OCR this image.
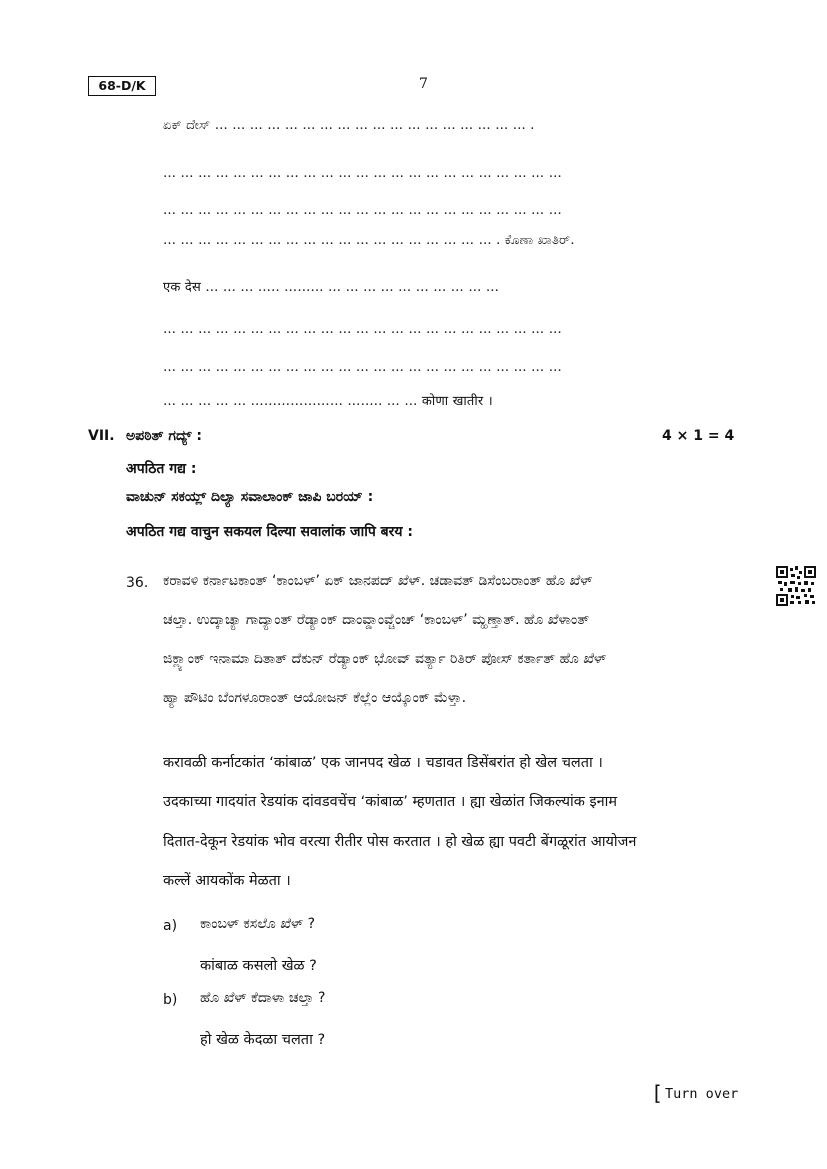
68-D/K	7
ಏಕ್ ದೇಸ್ … … … … … … … … … … … … … … … … … … .
… … … … … … … … … … … … … … … … … … … … … … …
… … … … … … … … … … … … … … … … … … … … … … …
… … … … … … … … … … … … … … … … … … … . ಕೊಣಾ ಖಾತಿರ್.
एक देस … … … ….. ……… … … … … … … … … … …
… … … … … … … … … … … … … … … … … … … … … … …
… … … … … … … … … … … … … … … … … … … … … … …
… … … … … ………………… …….. … … कोणा खातीर ।
VII. ಅಪಠಿತ್ ಗದ್ಯ್ :	4 × 1 = 4
अपठित गद्य :
ವಾಚುನ್ ಸಕಯ್ಲ್ ದಿಲ್ಯಾ ಸವಾಲಾಂಕ್ ಜಾಪಿ ಬರಯ್ :
अपठित गद्य वाचुन सकयल दिल्या सवालांक जापि बरय :
36. ಕರಾವಳಿ ಕರ್ನಾಟಕಾಂತ್ ‘ಕಾಂಬಳ್’ ಏಕ್ ಜಾನಪದ್ ಖೆಳ್. ಚಡಾವತ್ ಡಿಸೆಂಬರಾಂತ್ ಹೊ ಖೆಳ್
ಚಲ್ತಾ. ಉದ್ಕಾಚ್ಯಾ ಗಾದ್ಯಾಂತ್ ರೆಡ್ಯಾಂಕ್ ದಾಂವ್ಡಾಂವ್ಚೆಂಚ್ ‘ಕಾಂಬಳ್’ ಮ್ಹಣ್ತಾತ್. ಹೊ ಖೆಳಾಂತ್
ಜಿಕ್ಲ್ಯಾಂಕ್ ಇನಾಮಾ ದಿತಾತ್ ದೆಕುನ್ ರೆಡ್ಯಾಂಕ್ ಭೋವ್ ವರ್ತ್ಯಾ ರಿತಿರ್ ಪೋಸ್ ಕರ್ತಾತ್ ಹೊ ಖೆಳ್
ಹ್ಯಾ ಪೌಟಿಂ ಬೆಂಗಳೂರಾಂತ್ ಆಯೋಜನ್ ಕೆಲ್ಲೆಂ ಆಯ್ಕೊಂಕ್ ಮೆಳ್ತಾ.
करावळी कर्नाटकांत ‘कांबाळ’ एक जानपद खेळ । चडावत डिसेंबरांत हो खेल चलता ।
उदकाच्या गादयांत रेडयांक दांवडवचेंच ‘कांबाळ’ म्हणतात । ह्या खेळांत जिकल्यांक इनाम
दितात-देकून रेडयांक भोव वरत्या रीतीर पोस करतात । हो खेळ ह्या पवटी बेंगळूरांत आयोजन
कल्लें आयकोंक मेळता ।
a) ಕಾಂಬಳ್ ಕಸಲೊ ಖೆಳ್ ?
कांबाळ कसलो खेळ ?
b) ಹೊ ಖೆಳ್ ಕೆದಾಳಾ ಚಲ್ತಾ ?
हो खेळ केदळा चलता ?
[ Turn over
